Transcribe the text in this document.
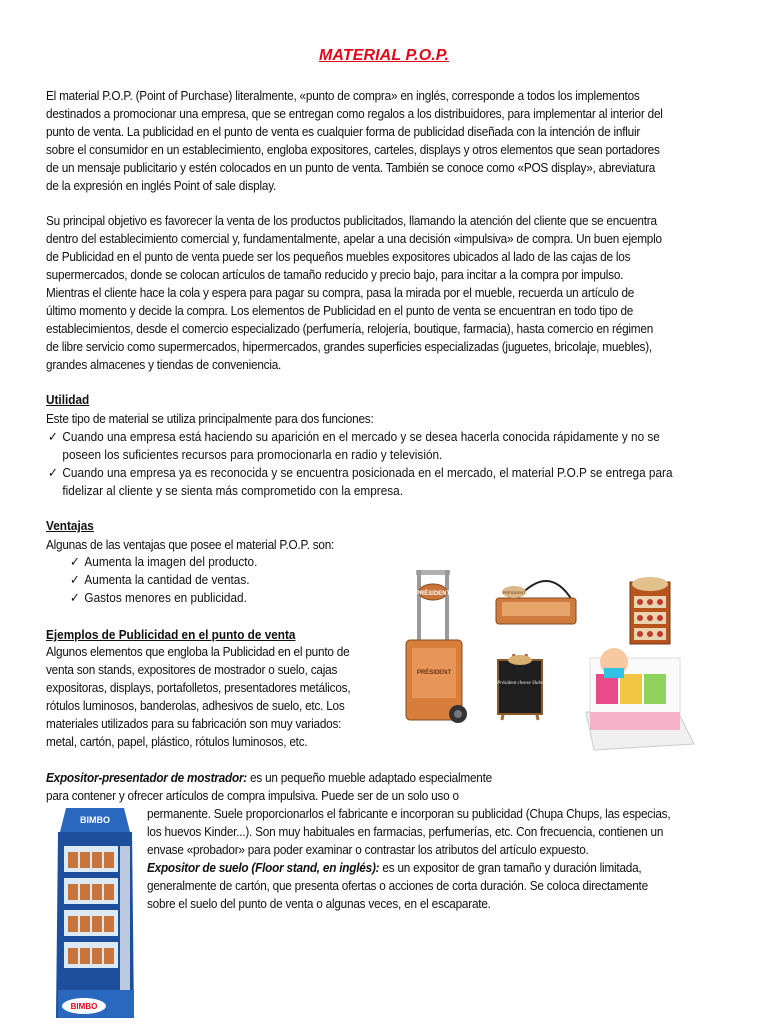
MATERIAL P.O.P.
El material P.O.P. (Point of Purchase) literalmente, «punto de compra» en inglés, corresponde a todos los implementos
destinados a promocionar una empresa, que se entregan como regalos a los distribuidores, para implementar al interior del
punto de venta. La publicidad en el punto de venta es cualquier forma de publicidad diseñada con la intención de influir
sobre el consumidor en un establecimiento, engloba expositores, carteles, displays y otros elementos que sean portadores
de un mensaje publicitario y estén colocados en un punto de venta. También se conoce como «POS display», abreviatura
de la expresión en inglés Point of sale display.
Su principal objetivo es favorecer la venta de los productos publicitados, llamando la atención del cliente que se encuentra
dentro del establecimiento comercial y, fundamentalmente, apelar a una decisión «impulsiva» de compra. Un buen ejemplo
de Publicidad en el punto de venta puede ser los pequeños muebles expositores ubicados al lado de las cajas de los
supermercados, donde se colocan artículos de tamaño reducido y precio bajo, para incitar a la compra por impulso.
Mientras el cliente hace la cola y espera para pagar su compra, pasa la mirada por el mueble, recuerda un artículo de
último momento y decide la compra. Los elementos de Publicidad en el punto de venta se encuentran en todo tipo de
establecimientos, desde el comercio especializado (perfumería, relojería, boutique, farmacia), hasta comercio en régimen
de libre servicio como supermercados, hipermercados, grandes superficies especializadas (juguetes, bricolaje, muebles),
grandes almacenes y tiendas de conveniencia.
Utilidad
Este tipo de material se utiliza principalmente para dos funciones:
✓ Cuando una empresa está haciendo su aparición en el mercado y se desea hacerla conocida rápidamente y no se
poseen los suficientes recursos para promocionarla en radio y televisión.
✓ Cuando una empresa ya es reconocida y se encuentra posicionada en el mercado, el material P.O.P se entrega para
fidelizar al cliente y se sienta más comprometido con la empresa.
Ventajas
Algunas de las ventajas que posee el material P.O.P. son:
✓ Aumenta la imagen del producto.
✓ Aumenta la cantidad de ventas.
✓ Gastos menores en publicidad.
Ejemplos de Publicidad en el punto de venta
Algunos elementos que engloba la Publicidad en el punto de
venta son stands, expositores de mostrador o suelo, cajas
expositoras, displays, portafolletos, presentadores metálicos,
rótulos luminosos, banderolas, adhesivos de suelo, etc. Los
materiales utilizados para su fabricación son muy variados:
metal, cartón, papel, plástico, rótulos luminosos, etc.
Expositor-presentador de mostrador: es un pequeño mueble adaptado especialmente
para contener y ofrecer artículos de compra impulsiva. Puede ser de un solo uso o
permanente. Suele proporcionarlos el fabricante e incorporan su publicidad (Chupa Chups, las especias,
los huevos Kinder...). Son muy habituales en farmacias, perfumerías, etc. Con frecuencia, contienen un
envase «probador» para poder examinar o contrastar los atributos del artículo expuesto.
Expositor de suelo (Floor stand, en inglés): es un expositor de gran tamaño y duración limitada,
generalmente de cartón, que presenta ofertas o acciones de corta duración. Se coloca directamente
sobre el suelo del punto de venta o algunas veces, en el escaparate.
PRÉSIDENT
PRÉSIDENT
PRÉSIDENT
Président cheese Slabs
BIMBO
BIMBO
